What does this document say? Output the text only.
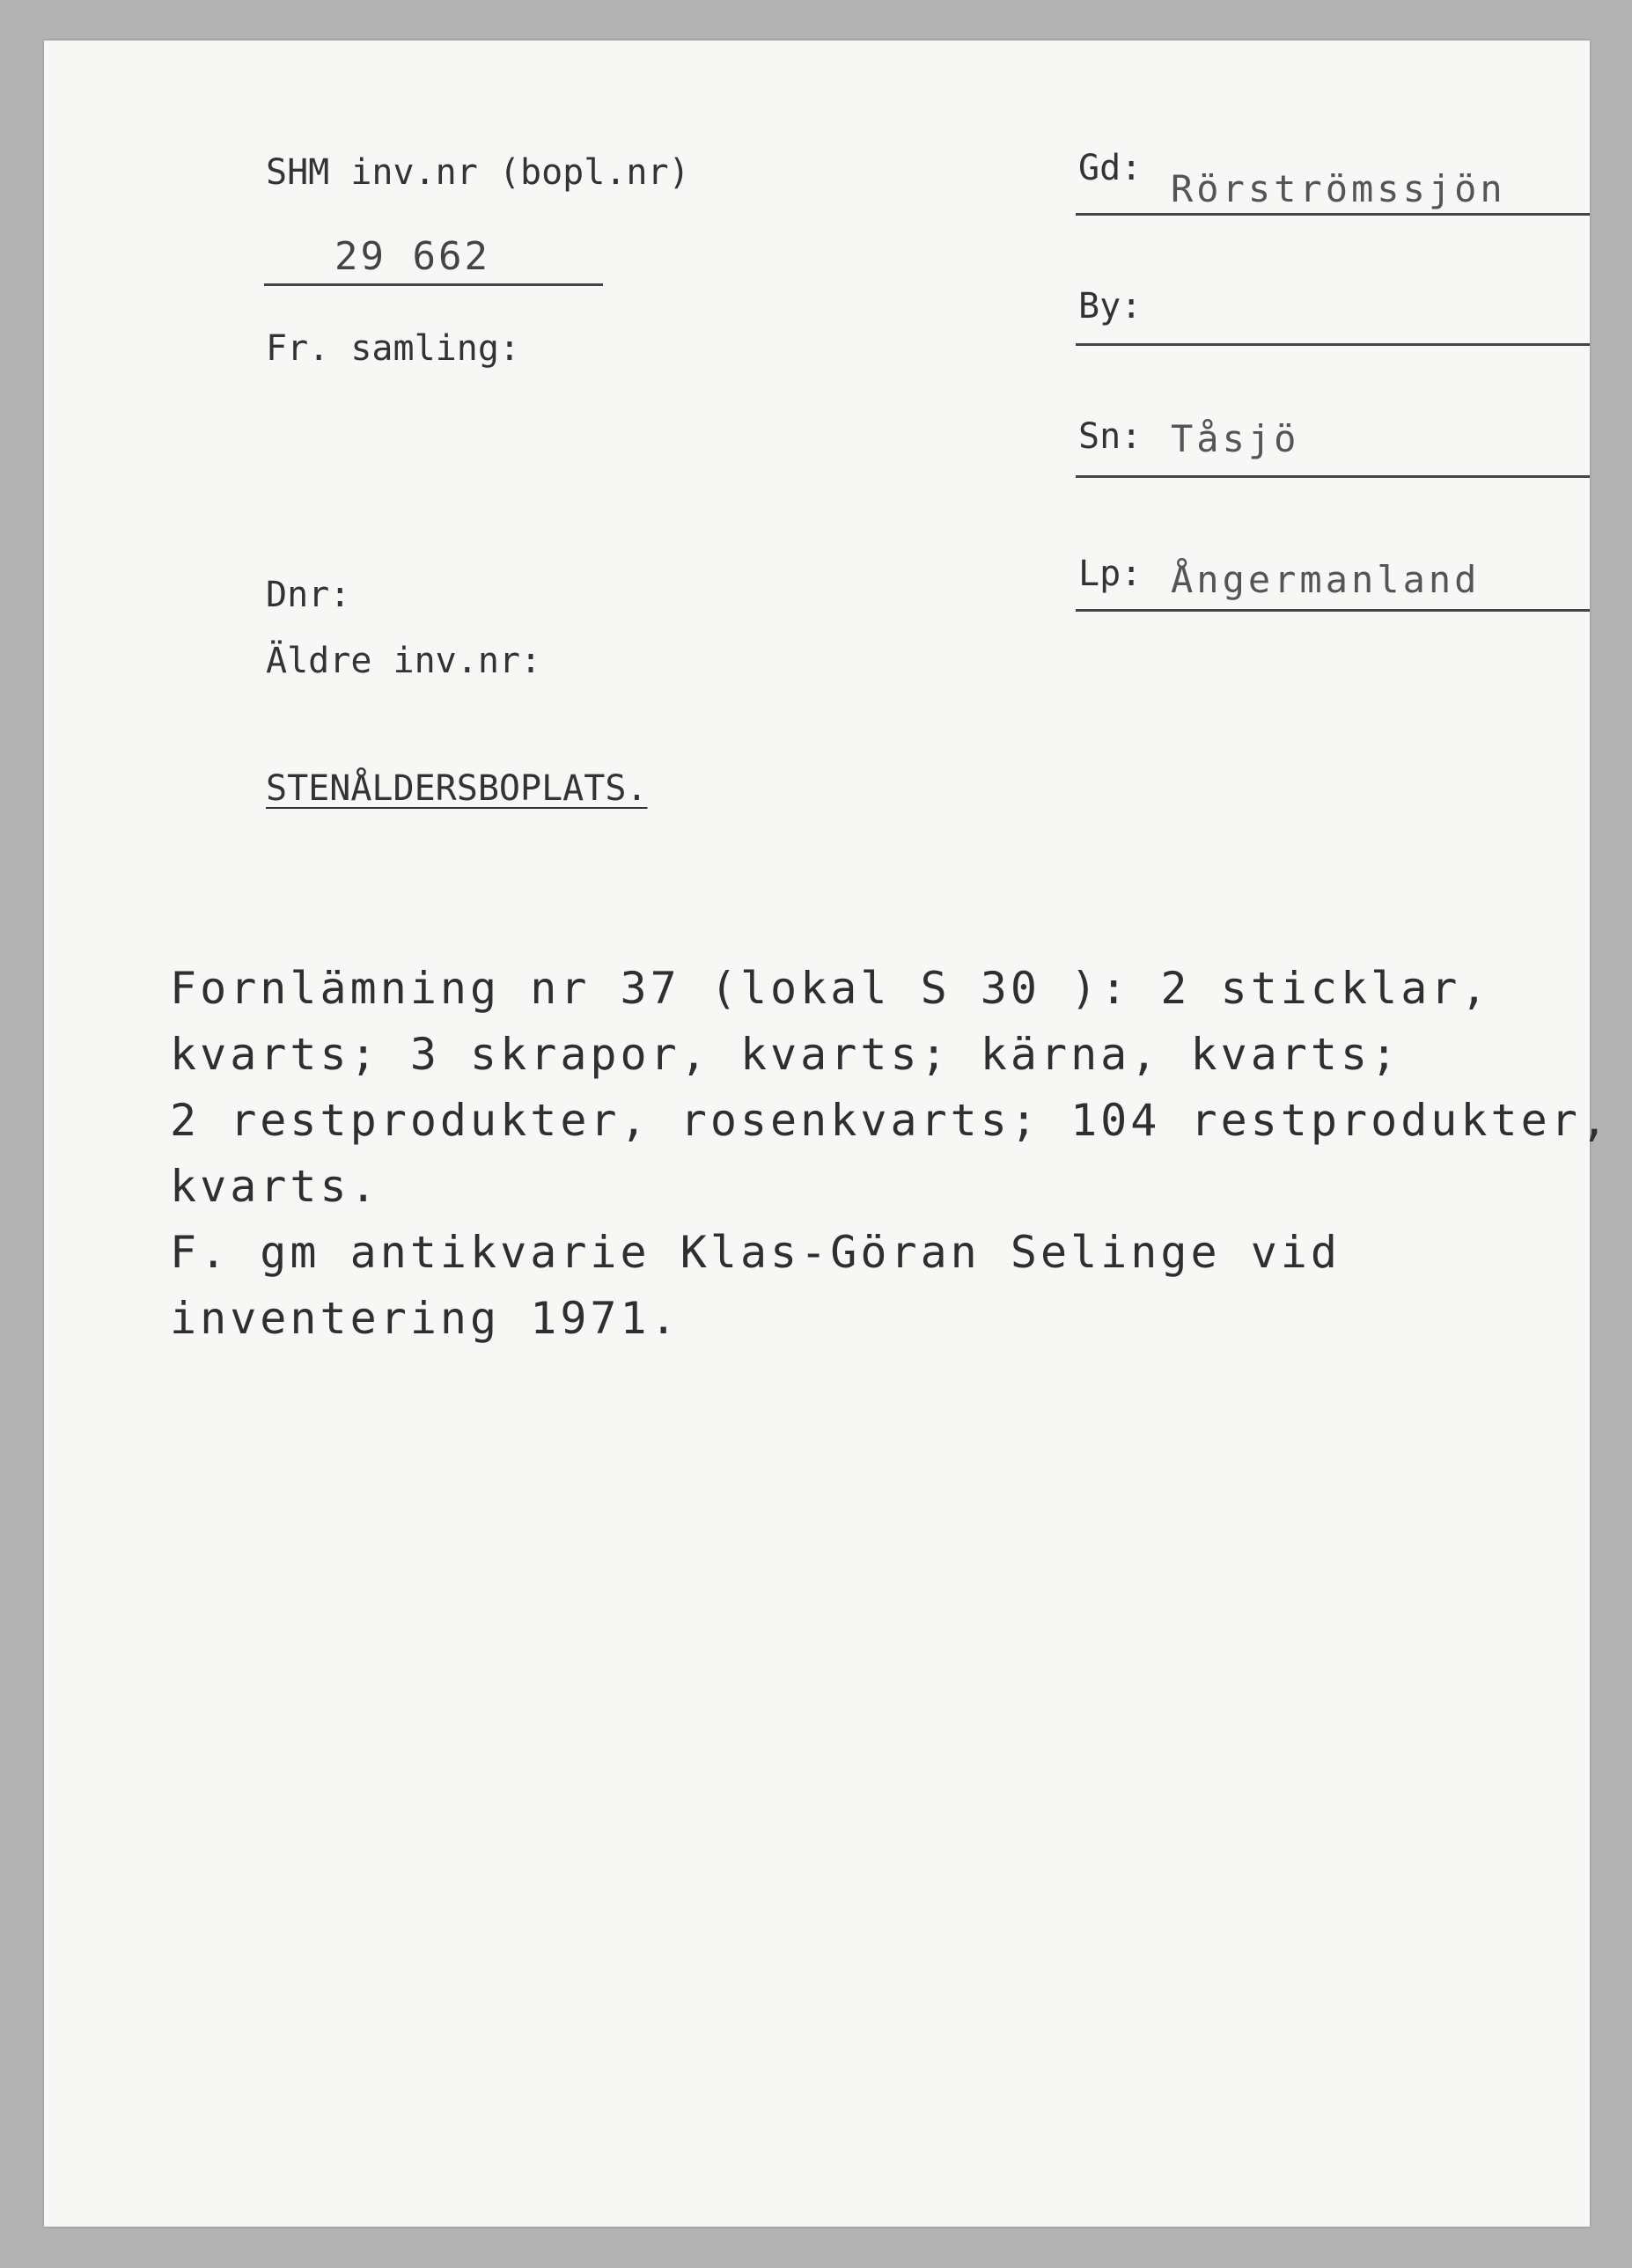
SHM inv.nr (bopl.nr)
29 662
Fr. samling:
Dnr:
Äldre inv.nr:
STENÅLDERSBOPLATS.
Gd: Rörströmssjön
By:
Sn: Tåsjö
Lp: Ångermanland
Fornlämning nr 37 (lokal S 30 ): 2 sticklar,
kvarts; 3 skrapor, kvarts; kärna, kvarts;
2 restprodukter, rosenkvarts; 104 restprodukter,
kvarts.
F. gm antikvarie Klas-Göran Selinge vid
inventering 1971.
